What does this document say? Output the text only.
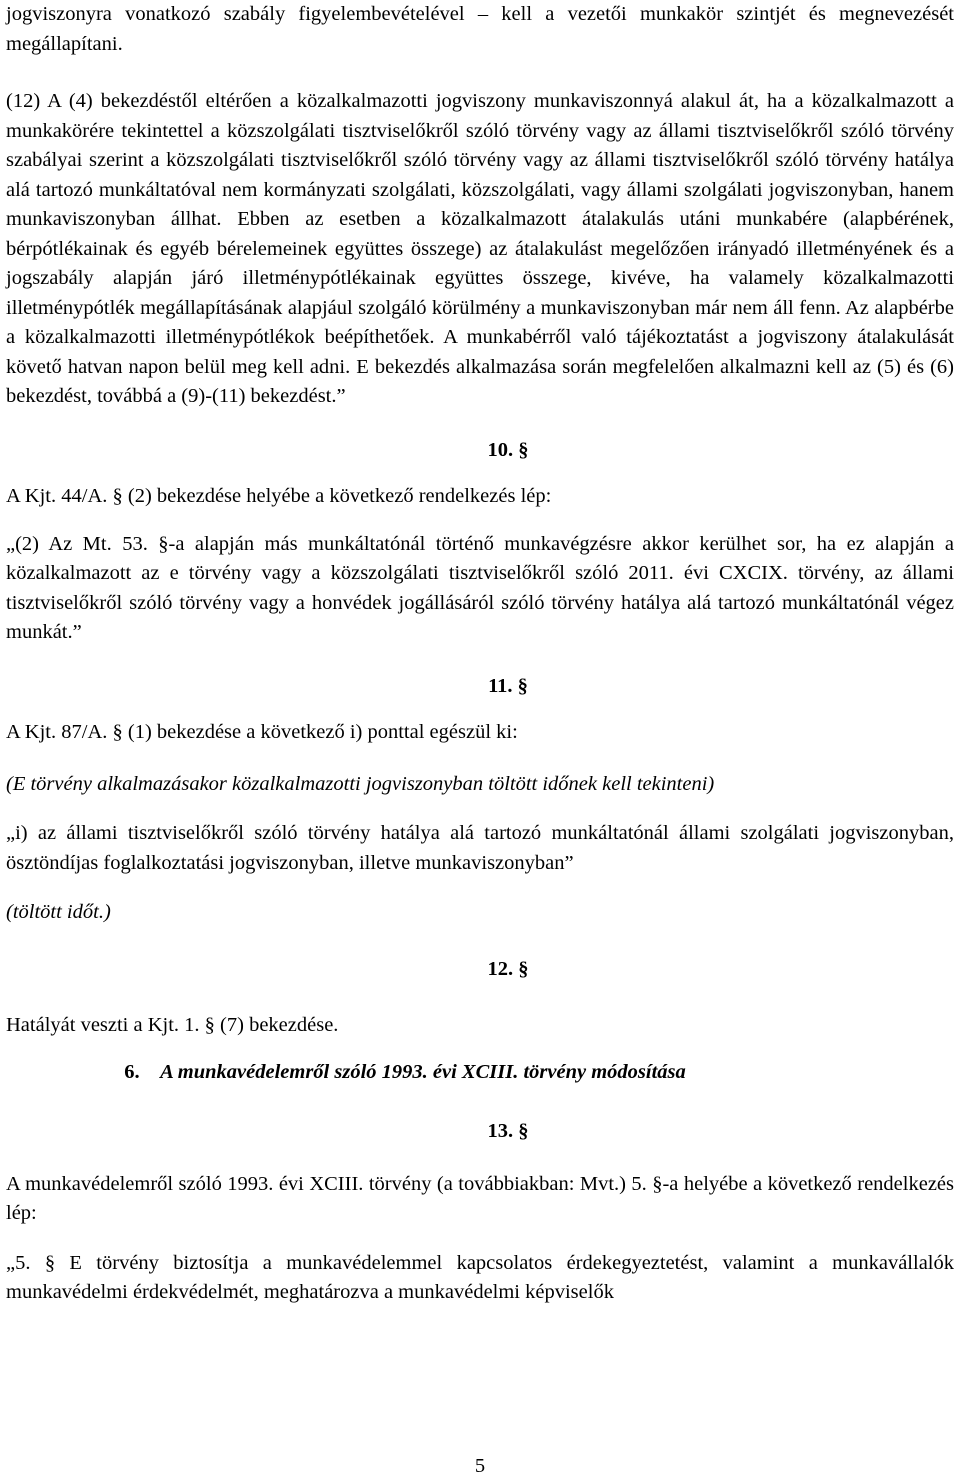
jogviszonyra vonatkozó szabály figyelembevételével – kell a vezetői munkakör szintjét és megnevezését megállapítani.

(12) A (4) bekezdéstől eltérően a közalkalmazotti jogviszony munkaviszonnyá alakul át, ha a közalkalmazott a munkakörére tekintettel a közszolgálati tisztviselőkről szóló törvény vagy az állami tisztviselőkről szóló törvény szabályai szerint a közszolgálati tisztviselőkről szóló törvény vagy az állami tisztviselőkről szóló törvény hatálya alá tartozó munkáltatóval nem kormányzati szolgálati, közszolgálati, vagy állami szolgálati jogviszonyban, hanem munkaviszonyban állhat. Ebben az esetben a közalkalmazott átalakulás utáni munkabére (alapbérének, bérpótlékainak és egyéb bérelemeinek együttes összege) az átalakulást megelőzően irányadó illetményének és a jogszabály alapján járó illetménypótlékainak együttes összege, kivéve, ha valamely közalkalmazotti illetménypótlék megállapításának alapjául szolgáló körülmény a munkaviszonyban már nem áll fenn. Az alapbérbe a közalkalmazotti illetménypótlékok beépíthetőek. A munkabérről való tájékoztatást a jogviszony átalakulását követő hatvan napon belül meg kell adni. E bekezdés alkalmazása során megfelelően alkalmazni kell az (5) és (6) bekezdést, továbbá a (9)-(11) bekezdést.”

10. §

A Kjt. 44/A. § (2) bekezdése helyébe a következő rendelkezés lép:

„(2) Az Mt. 53. §-a alapján más munkáltatónál történő munkavégzésre akkor kerülhet sor, ha ez alapján a közalkalmazott az e törvény vagy a közszolgálati tisztviselőkről szóló 2011. évi CXCIX. törvény, az állami tisztviselőkről szóló törvény vagy a honvédek jogállásáról szóló törvény hatálya alá tartozó munkáltatónál végez munkát.”

11. §

A Kjt. 87/A. § (1) bekezdése a következő i) ponttal egészül ki:

(E törvény alkalmazásakor közalkalmazotti jogviszonyban töltött időnek kell tekinteni)

„i) az állami tisztviselőkről szóló törvény hatálya alá tartozó munkáltatónál állami szolgálati jogviszonyban, ösztöndíjas foglalkoztatási jogviszonyban, illetve munkaviszonyban”

(töltött időt.)

12. §

Hatályát veszti a Kjt. 1. § (7) bekezdése.

6. A munkavédelemről szóló 1993. évi XCIII. törvény módosítása

13. §

A munkavédelemről szóló 1993. évi XCIII. törvény (a továbbiakban: Mvt.) 5. §-a helyébe a következő rendelkezés lép:

„5. § E törvény biztosítja a munkavédelemmel kapcsolatos érdekegyeztetést, valamint a munkavállalók munkavédelmi érdekvédelmét, meghatározva a munkavédelmi képviselők

5
